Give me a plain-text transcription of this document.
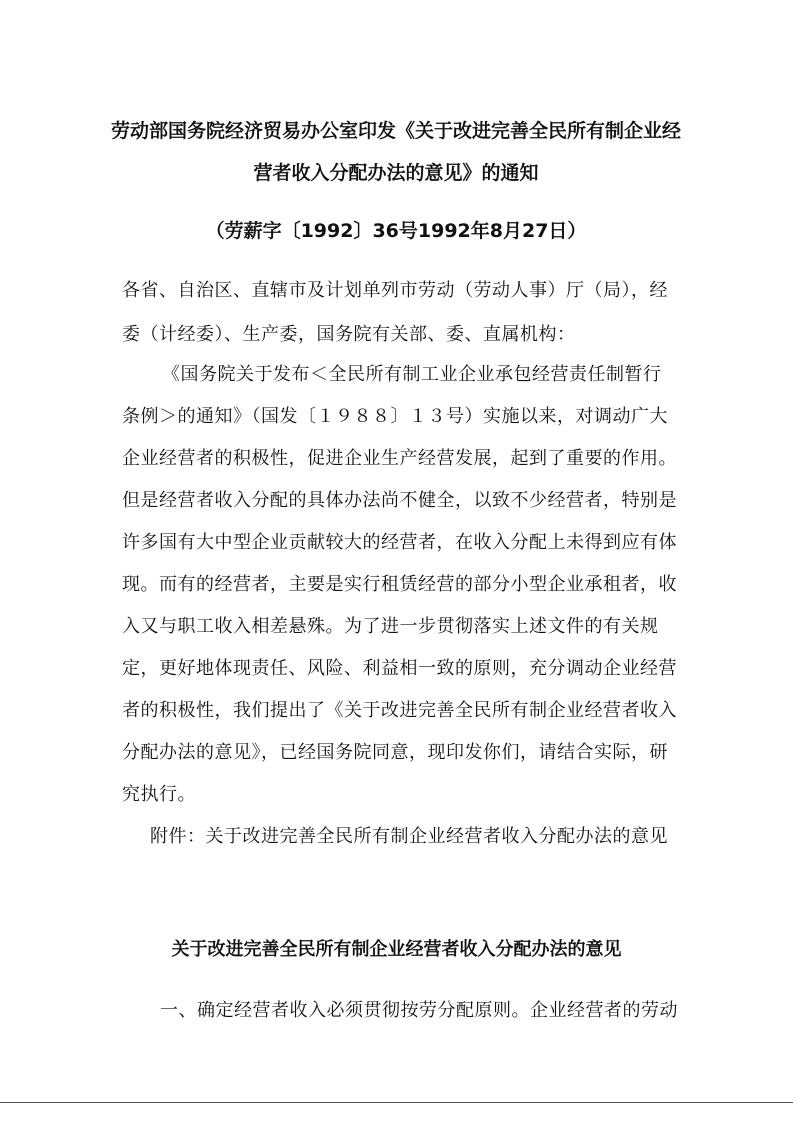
劳动部国务院经济贸易办公室印发《关于改进完善全民所有制企业经
营者收入分配办法的意见》的通知
（劳薪字〔1992〕36号1992年8月27日）
各省、自治区、直辖市及计划单列市劳动（劳动人事）厅（局），经
委（计经委）、生产委，国务院有关部、委、直属机构：
《国务院关于发布＜全民所有制工业企业承包经营责任制暂行
条例＞的通知》（国发〔１９８８〕１３号）实施以来，对调动广大
企业经营者的积极性，促进企业生产经营发展，起到了重要的作用。
但是经营者收入分配的具体办法尚不健全，以致不少经营者，特别是
许多国有大中型企业贡献较大的经营者，在收入分配上未得到应有体
现。而有的经营者，主要是实行租赁经营的部分小型企业承租者，收
入又与职工收入相差悬殊。为了进一步贯彻落实上述文件的有关规
定，更好地体现责任、风险、利益相一致的原则，充分调动企业经营
者的积极性，我们提出了《关于改进完善全民所有制企业经营者收入
分配办法的意见》，已经国务院同意，现印发你们，请结合实际，研
究执行。
附件：关于改进完善全民所有制企业经营者收入分配办法的意见
关于改进完善全民所有制企业经营者收入分配办法的意见
一、确定经营者收入必须贯彻按劳分配原则。企业经营者的劳动
